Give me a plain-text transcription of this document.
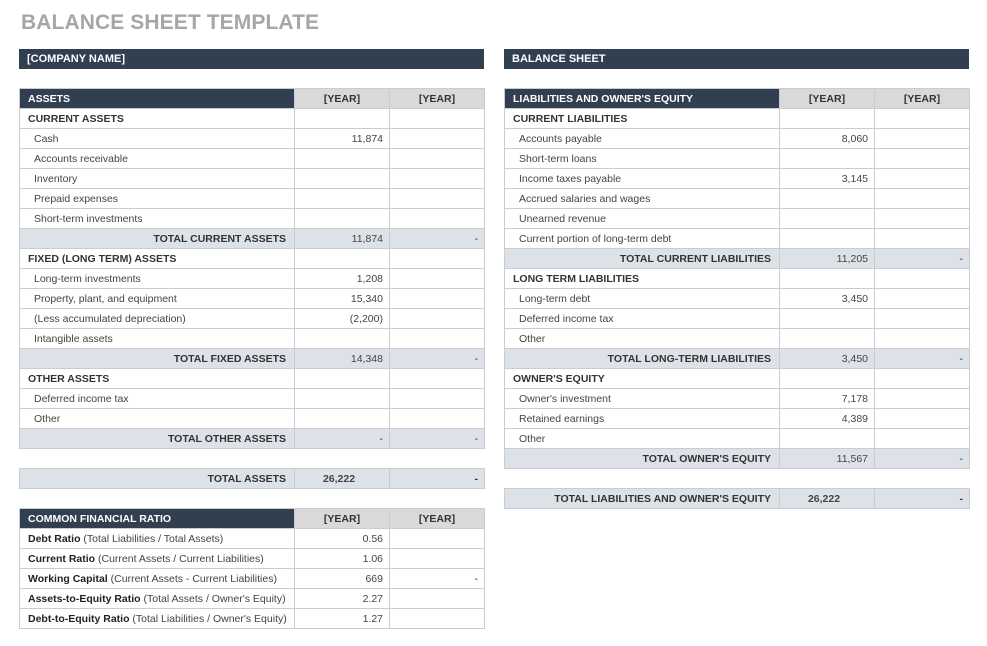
BALANCE SHEET TEMPLATE
[COMPANY NAME]	BALANCE SHEET
ASSETS	[YEAR]	[YEAR]
CURRENT ASSETS		
Cash	11,874	
Accounts receivable		
Inventory		
Prepaid expenses		
Short-term investments		
TOTAL CURRENT ASSETS	11,874	-
FIXED (LONG TERM) ASSETS		
Long-term investments	1,208	
Property, plant, and equipment	15,340	
(Less accumulated depreciation)	(2,200)	
Intangible assets		
TOTAL FIXED ASSETS	14,348	-
OTHER ASSETS		
Deferred income tax		
Other		
TOTAL OTHER ASSETS	-	-
TOTAL ASSETS	26,222	-
COMMON FINANCIAL RATIO	[YEAR]	[YEAR]
Debt Ratio (Total Liabilities / Total Assets)	0.56	
Current Ratio (Current Assets / Current Liabilities)	1.06	
Working Capital (Current Assets - Current Liabilities)	669	-
Assets-to-Equity Ratio (Total Assets / Owner's Equity)	2.27	
Debt-to-Equity Ratio (Total Liabilities / Owner's Equity)	1.27	
LIABILITIES AND OWNER'S EQUITY	[YEAR]	[YEAR]
CURRENT LIABILITIES		
Accounts payable	8,060	
Short-term loans		
Income taxes payable	3,145	
Accrued salaries and wages		
Unearned revenue		
Current portion of long-term debt		
TOTAL CURRENT LIABILITIES	11,205	-
LONG TERM LIABILITIES		
Long-term debt	3,450	
Deferred income tax		
Other		
TOTAL LONG-TERM LIABILITIES	3,450	-
OWNER'S EQUITY		
Owner's investment	7,178	
Retained earnings	4,389	
Other		
TOTAL OWNER'S EQUITY	11,567	-
TOTAL LIABILITIES AND OWNER'S EQUITY	26,222	-
